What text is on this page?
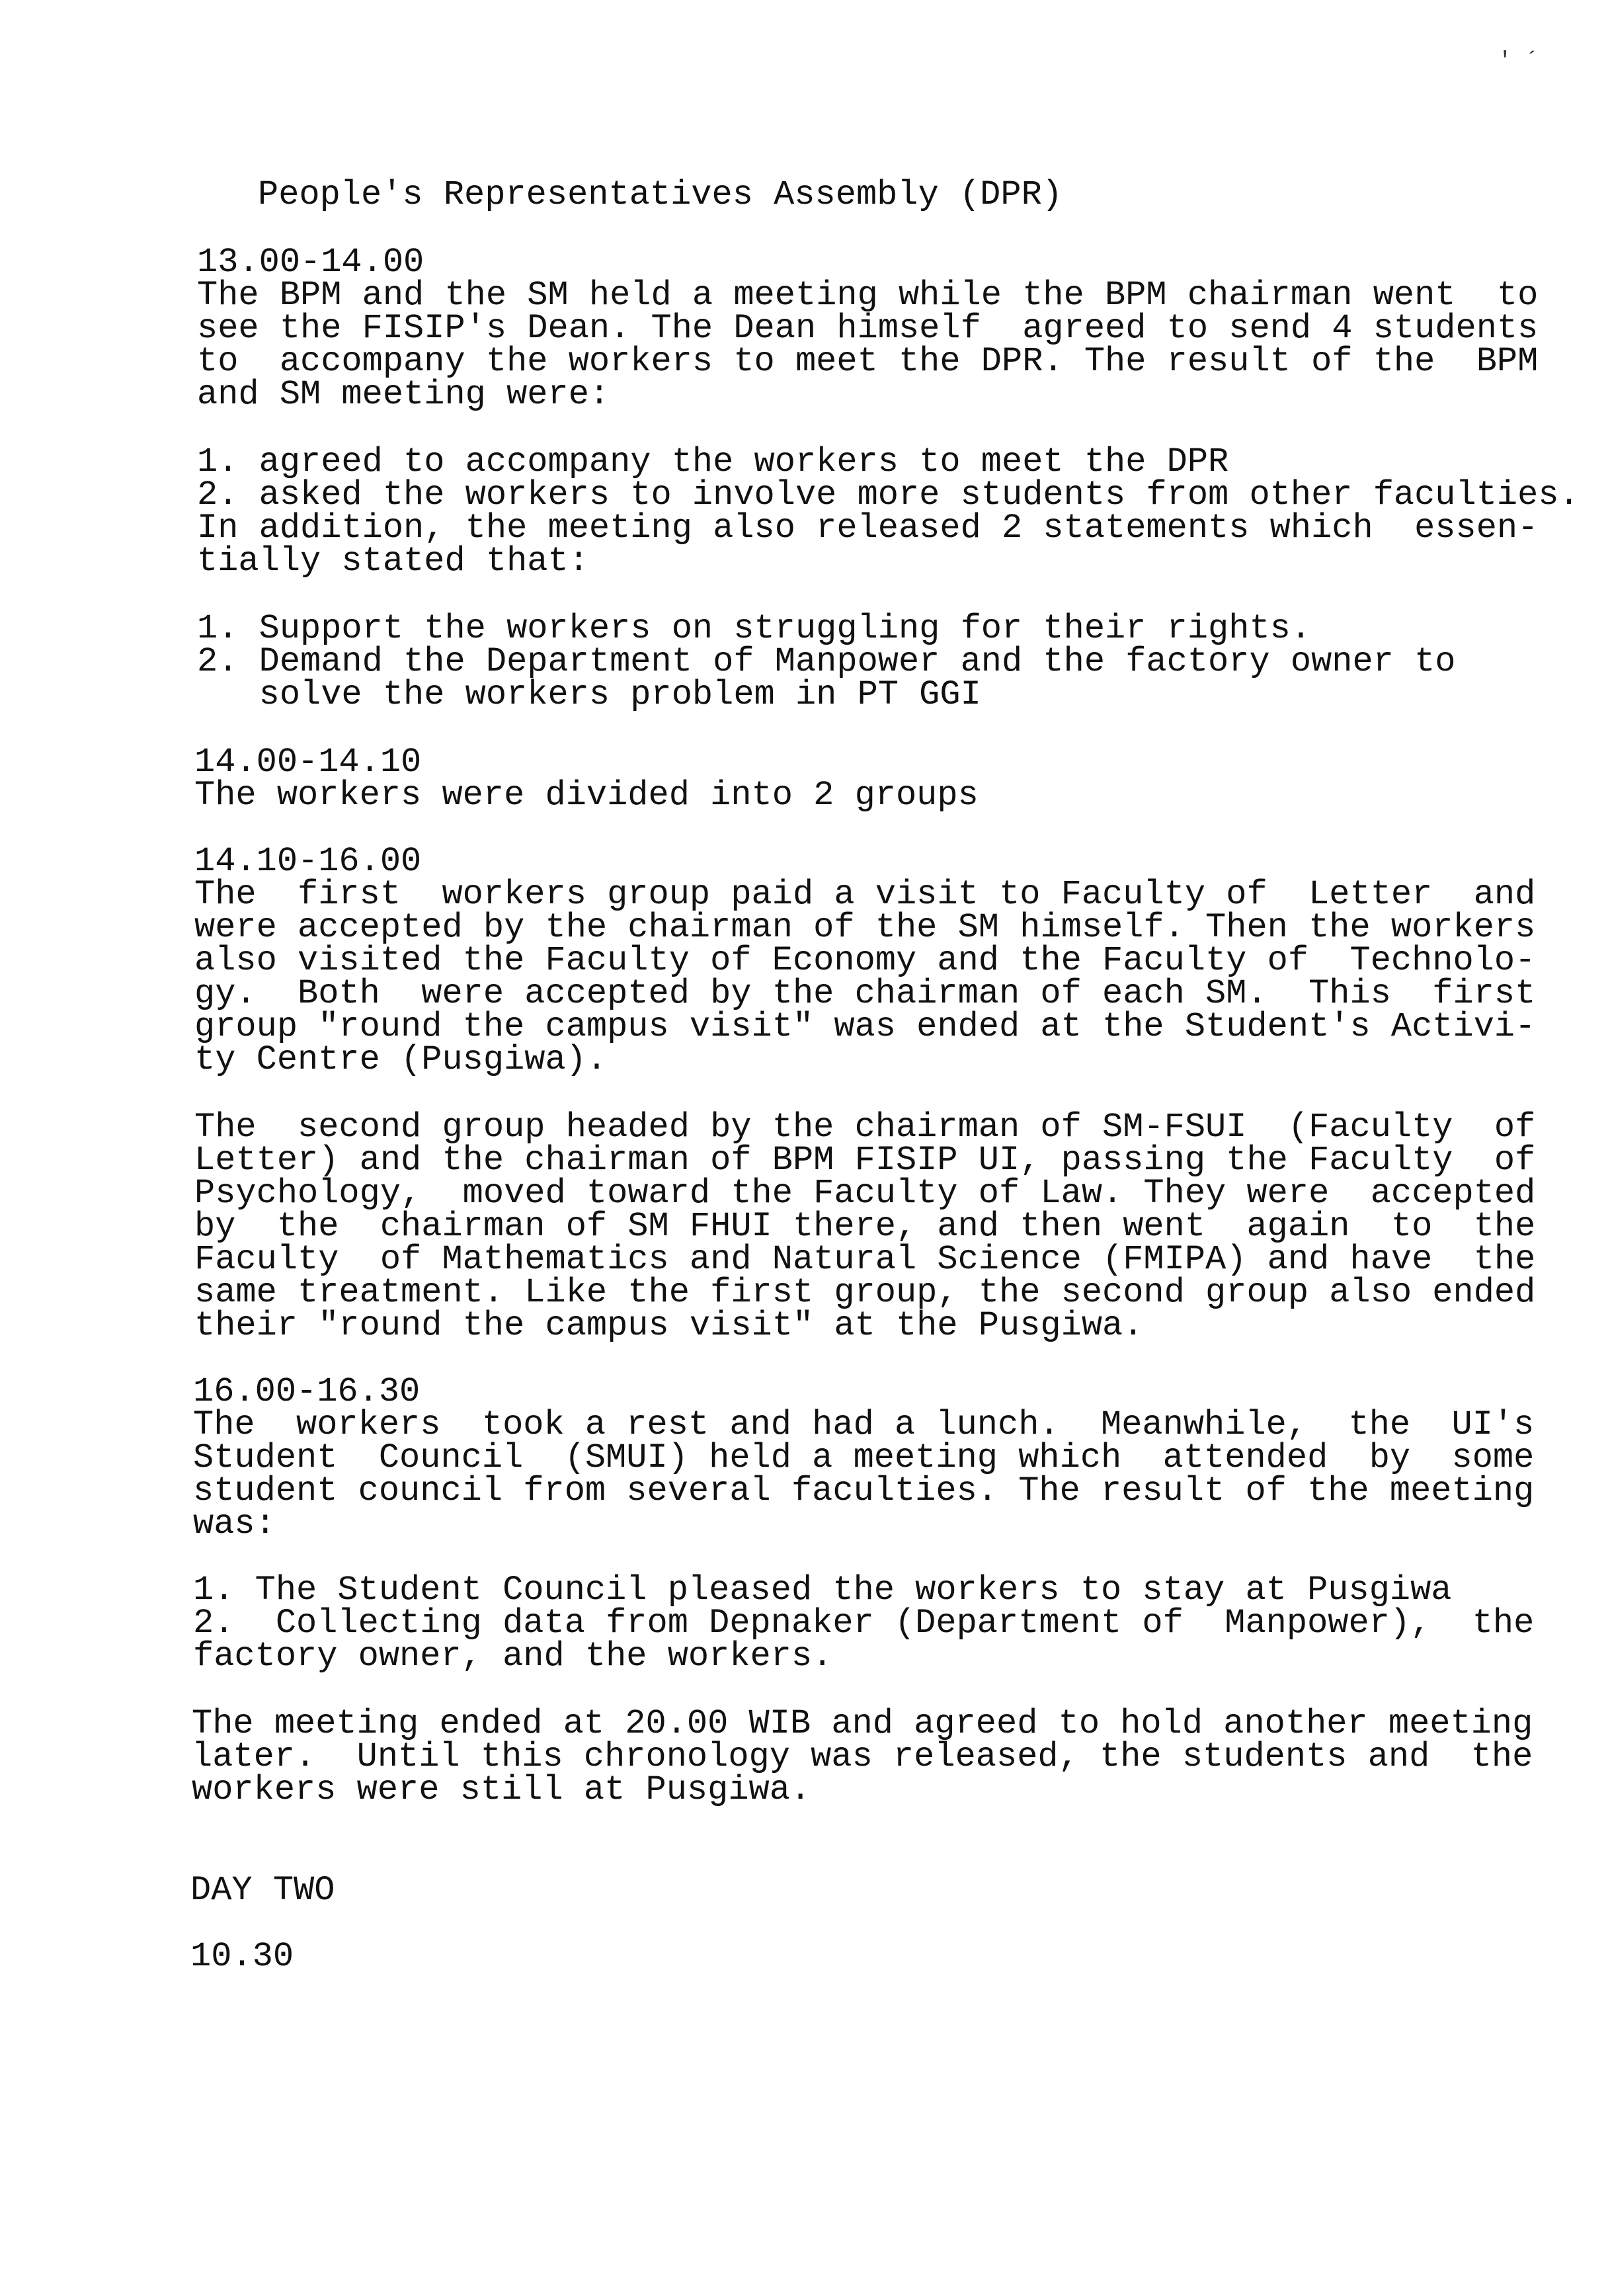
' ´

People's Representatives Assembly (DPR)

13.00-14.00

The BPM and the SM held a meeting while the BPM chairman went  to

see the FISIP's Dean. The Dean himself  agreed to send 4 students

to  accompany the workers to meet the DPR. The result of the  BPM

and SM meeting were:

1. agreed to accompany the workers to meet the DPR

2. asked the workers to involve more students from other faculties.

In addition, the meeting also released 2 statements which  essen-

tially stated that:

1. Support the workers on struggling for their rights.

2. Demand the Department of Manpower and the factory owner to

solve the workers problem in PT GGI

14.00-14.10

The workers were divided into 2 groups

14.10-16.00

The  first  workers group paid a visit to Faculty of  Letter  and

were accepted by the chairman of the SM himself. Then the workers

also visited the Faculty of Economy and the Faculty of  Technolo-

gy.  Both  were accepted by the chairman of each SM.  This  first

group "round the campus visit" was ended at the Student's Activi-

ty Centre (Pusgiwa).

The  second group headed by the chairman of SM-FSUI  (Faculty  of

Letter) and the chairman of BPM FISIP UI, passing the Faculty  of

Psychology,  moved toward the Faculty of Law. They were  accepted

by  the  chairman of SM FHUI there, and then went  again  to  the

Faculty  of Mathematics and Natural Science (FMIPA) and have  the

same treatment. Like the first group, the second group also ended

their "round the campus visit" at the Pusgiwa.

16.00-16.30

The  workers  took a rest and had a lunch.  Meanwhile,  the  UI's

Student  Council  (SMUI) held a meeting which  attended  by  some

student council from several faculties. The result of the meeting

was:

1. The Student Council pleased the workers to stay at Pusgiwa

2.  Collecting data from Depnaker (Department of  Manpower),  the

factory owner, and the workers.

The meeting ended at 20.00 WIB and agreed to hold another meeting

later.  Until this chronology was released, the students and  the

workers were still at Pusgiwa.

DAY TWO

10.30
